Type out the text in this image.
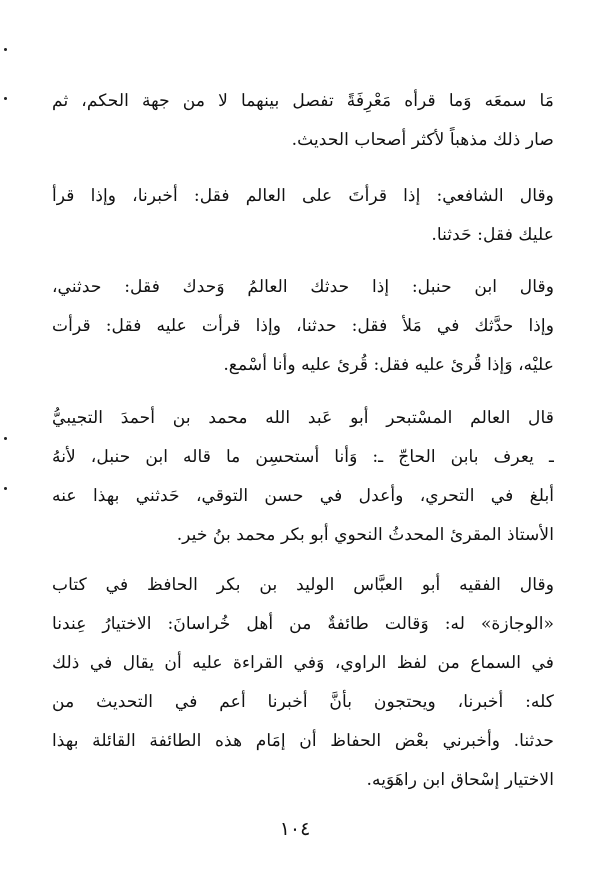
مَا سمعَه وَما قرأه مَعْرِفَةً تفصل بينهما لا من جهة الحكم، ثم
صار ذلك مذهباً لأكثر أصحاب الحديث.
وقال الشافعي: إذا قرأتَ على العالم فقل: أخبرنا، وإذا قرأ
عليك فقل: حَدثنا.
وقال ابن حنبل: إذا حدثك العالمُ وَحدك فقل: حدثني،
وإذا حدَّثك في مَلأ فقل: حدثنا، وإذا قرأت عليه فقل: قرأت
عليْه، وَإذا قُرئ عليه فقل: قُرئ عليه وأنا أسْمع.
قال العالم المسْتبحر أبو عَبد الله محمد بن أحمدَ التجيبيُّ
ـ يعرف بابن الحاجّ ـ: وَأنا أستحسِن ما قاله ابن حنبل، لأنهُ
أبلغ في التحري، وأعدل في حسن التوقي، حَدثني بهذا عنه
الأستاذ المقرئ المحدثُ النحوي أبو بكر محمد بنُ خير.
وقال الفقيه أبو العبَّاس الوليد بن بكر الحافظ في كتاب
«الوجازة» له: وَقالت طائفةٌ من أهل خُراسانَ: الاختيارُ عِندنا
في السماع من لفظ الراوي، وَفي القراءة عليه أن يقال في ذلك
كله: أخبرنا، ويحتجون بأنَّ أخبرنا أعم في التحديث من
حدثنا. وأخبرني بعْض الحفاظ أن إمَام هذه الطائفة القائلة بهذا
الاختيار إسْحاق ابن راهَوَيه.
١٠٤
